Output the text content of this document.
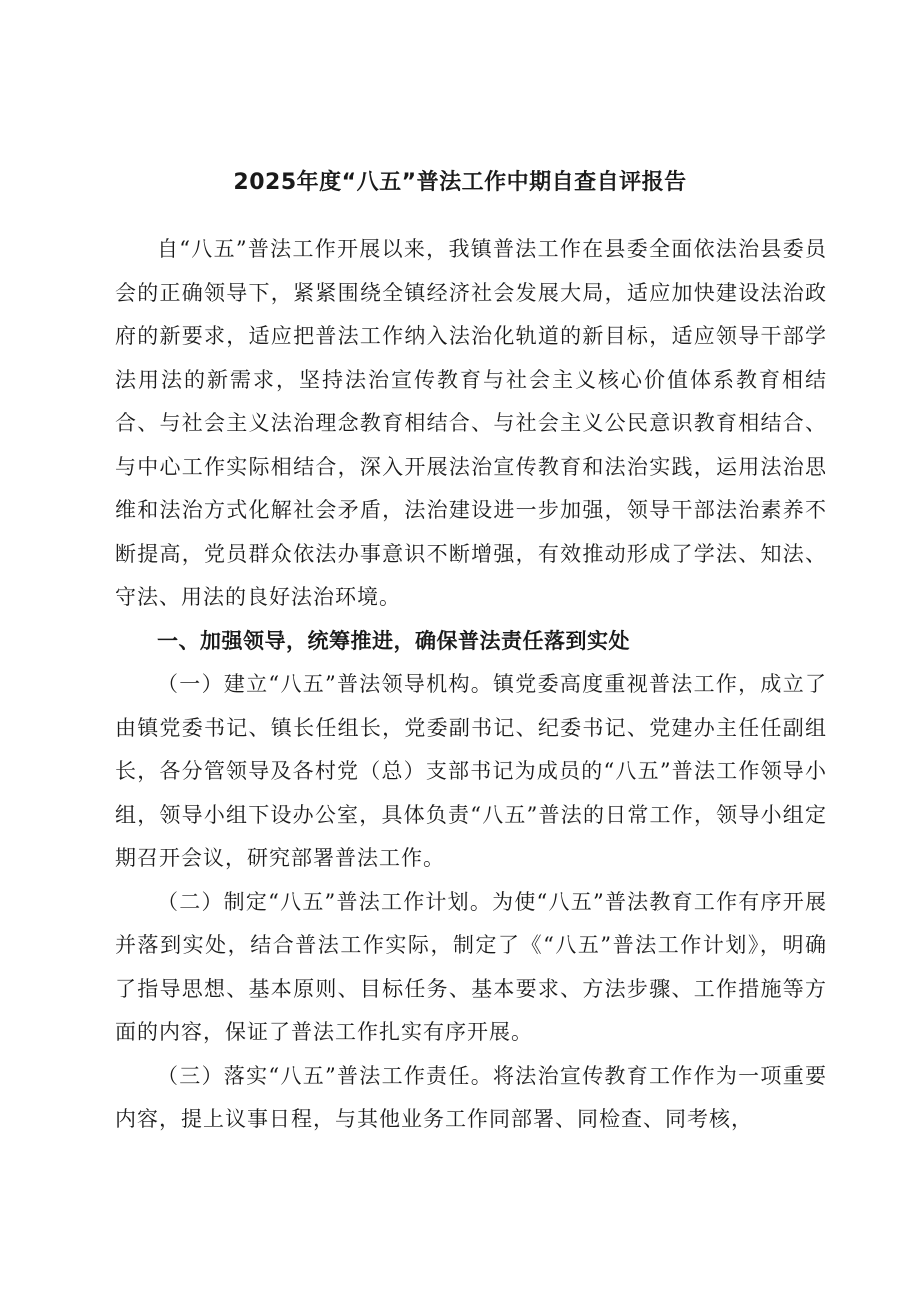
2025年度“八五”普法工作中期自查自评报告

自“八五”普法工作开展以来，我镇普法工作在县委全面依法治县委员会的正确领导下，紧紧围绕全镇经济社会发展大局，适应加快建设法治政府的新要求，适应把普法工作纳入法治化轨道的新目标，适应领导干部学法用法的新需求，坚持法治宣传教育与社会主义核心价值体系教育相结合、与社会主义法治理念教育相结合、与社会主义公民意识教育相结合、与中心工作实际相结合，深入开展法治宣传教育和法治实践，运用法治思维和法治方式化解社会矛盾，法治建设进一步加强，领导干部法治素养不断提高，党员群众依法办事意识不断增强，有效推动形成了学法、知法、守法、用法的良好法治环境。

一、加强领导，统筹推进，确保普法责任落到实处

（一）建立“八五”普法领导机构。镇党委高度重视普法工作，成立了由镇党委书记、镇长任组长，党委副书记、纪委书记、党建办主任任副组长，各分管领导及各村党（总）支部书记为成员的“八五”普法工作领导小组，领导小组下设办公室，具体负责“八五”普法的日常工作，领导小组定期召开会议，研究部署普法工作。

（二）制定“八五”普法工作计划。为使“八五”普法教育工作有序开展并落到实处，结合普法工作实际，制定了《“八五”普法工作计划》，明确了指导思想、基本原则、目标任务、基本要求、方法步骤、工作措施等方面的内容，保证了普法工作扎实有序开展。

（三）落实“八五”普法工作责任。将法治宣传教育工作作为一项重要内容，提上议事日程，与其他业务工作同部署、同检查、同考核，
